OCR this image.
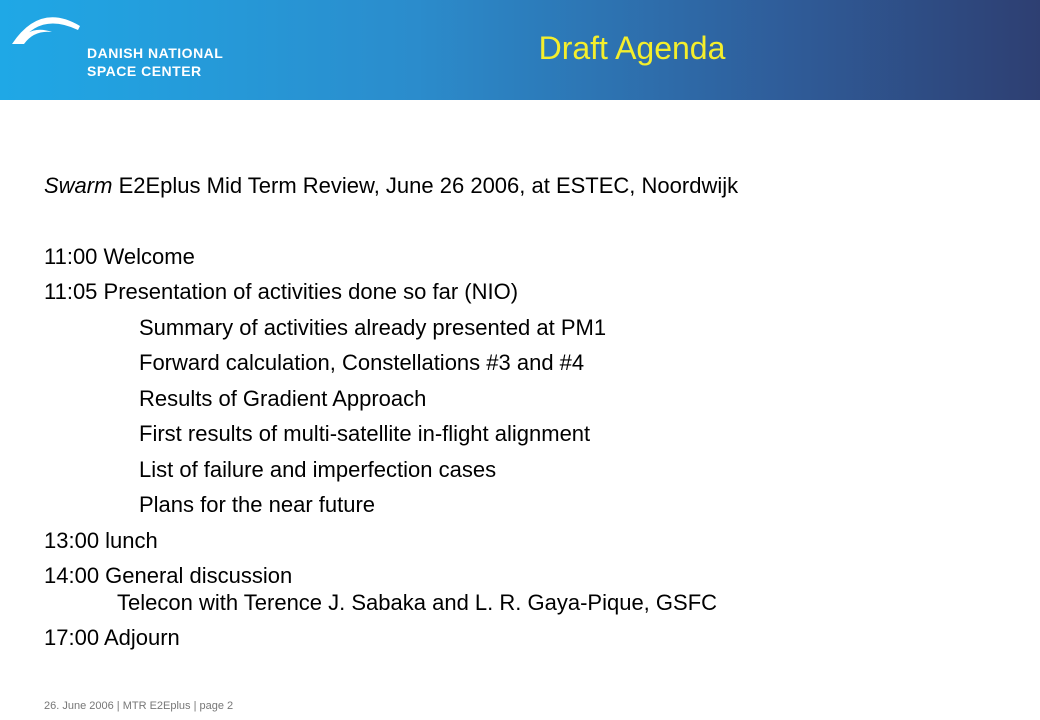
DANISH NATIONAL
SPACE CENTER
Draft Agenda

Swarm E2Eplus Mid Term Review, June 26 2006, at ESTEC, Noordwijk

11:00 Welcome

11:05 Presentation of activities done so far (NIO)

Summary of activities already presented at PM1

Forward calculation, Constellations #3 and #4

Results of Gradient Approach

First results of multi-satellite in-flight alignment

List of failure and imperfection cases

Plans for the near future

13:00 lunch

14:00 General discussion

Telecon with Terence J. Sabaka and L. R. Gaya-Pique, GSFC

17:00 Adjourn

26. June 2006 | MTR E2Eplus | page 2
